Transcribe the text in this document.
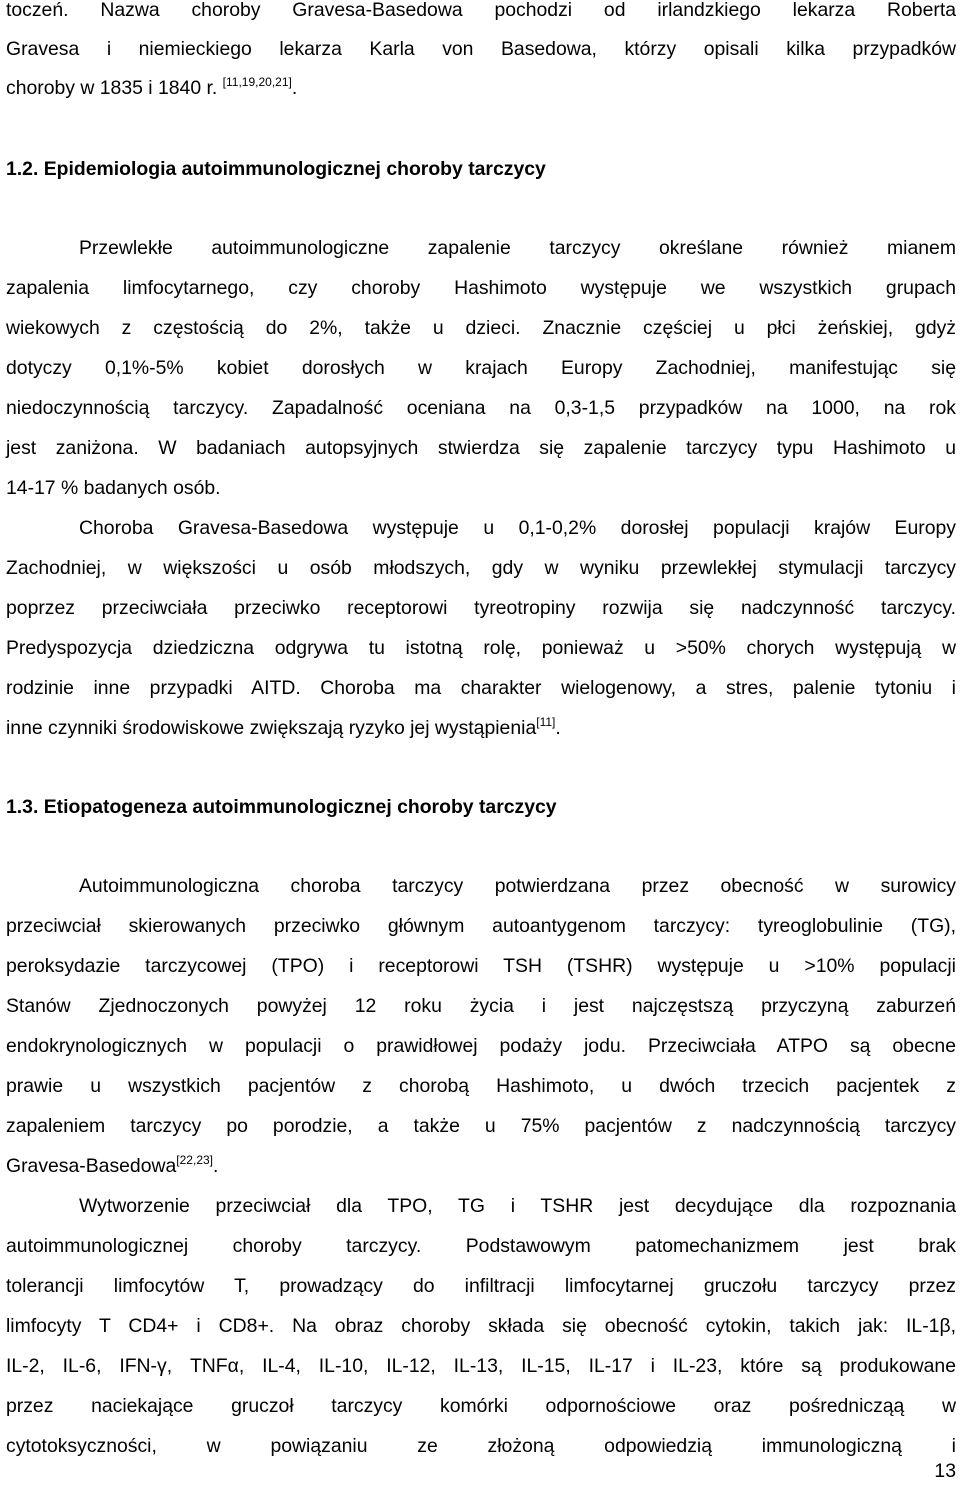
toczeń. Nazwa choroby Gravesa-Basedowa pochodzi od irlandzkiego lekarza Roberta
Gravesa i niemieckiego lekarza Karla von Basedowa, którzy opisali kilka przypadków
choroby w 1835 i 1840 r. [11,19,20,21].
1.2. Epidemiologia autoimmunologicznej choroby tarczycy
Przewlekłe autoimmunologiczne zapalenie tarczycy określane również mianem
zapalenia limfocytarnego, czy choroby Hashimoto występuje we wszystkich grupach
wiekowych z częstością do 2%, także u dzieci. Znacznie częściej u płci żeńskiej, gdyż
dotyczy 0,1%-5% kobiet dorosłych w krajach Europy Zachodniej, manifestując się
niedoczynnością tarczycy. Zapadalność oceniana na 0,3-1,5 przypadków na 1000, na rok
jest zaniżona. W badaniach autopsyjnych stwierdza się zapalenie tarczycy typu Hashimoto u
14-17 % badanych osób.
Choroba Gravesa-Basedowa występuje u 0,1-0,2% dorosłej populacji krajów Europy
Zachodniej, w większości u osób młodszych, gdy w wyniku przewlekłej stymulacji tarczycy
poprzez przeciwciała przeciwko receptorowi tyreotropiny rozwija się nadczynność tarczycy.
Predyspozycja dziedziczna odgrywa tu istotną rolę, ponieważ u >50% chorych występują w
rodzinie inne przypadki AITD. Choroba ma charakter wielogenowy, a stres, palenie tytoniu i
inne czynniki środowiskowe zwiększają ryzyko jej wystąpienia[11].
1.3. Etiopatogeneza autoimmunologicznej choroby tarczycy
Autoimmunologiczna choroba tarczycy potwierdzana przez obecność w surowicy
przeciwciał skierowanych przeciwko głównym autoantygenom tarczycy: tyreoglobulinie (TG),
peroksydazie tarczycowej (TPO) i receptorowi TSH (TSHR) występuje u >10% populacji
Stanów Zjednoczonych powyżej 12 roku życia i jest najczęstszą przyczyną zaburzeń
endokrynologicznych w populacji o prawidłowej podaży jodu. Przeciwciała ATPO są obecne
prawie u wszystkich pacjentów z chorobą Hashimoto, u dwóch trzecich pacjentek z
zapaleniem tarczycy po porodzie, a także u 75% pacjentów z nadczynnością tarczycy
Gravesa-Basedowa[22,23].
Wytworzenie przeciwciał dla TPO, TG i TSHR jest decydujące dla rozpoznania
autoimmunologicznej choroby tarczycy. Podstawowym patomechanizmem jest brak
tolerancji limfocytów T, prowadzący do infiltracji limfocytarnej gruczołu tarczycy przez
limfocyty T CD4+ i CD8+. Na obraz choroby składa się obecność cytokin, takich jak: IL-1β,
IL-2, IL-6, IFN-γ, TNFα, IL-4, IL-10, IL-12, IL-13, IL-15, IL-17 i IL-23, które są produkowane
przez naciekające gruczoł tarczycy komórki odpornościowe oraz pośrednicząą w
cytotoksyczności, w powiązaniu ze złożoną odpowiedzią immunologiczną i
13
